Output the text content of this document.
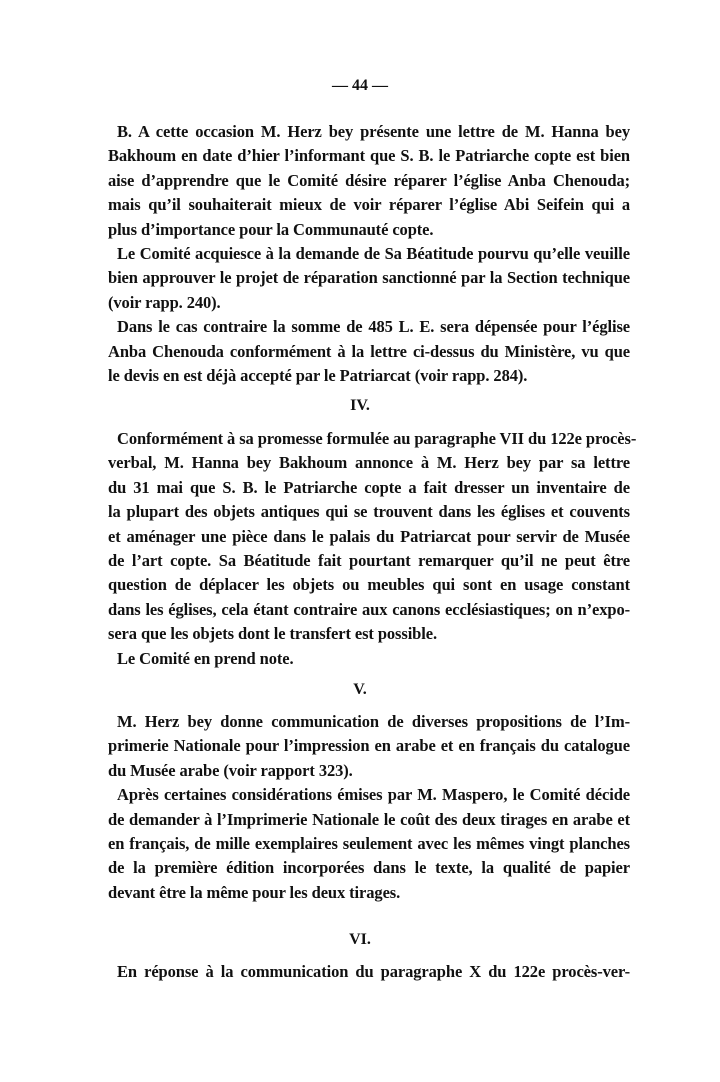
— 44 —
B. A cette occasion M. Herz bey présente une lettre de M. Hanna bey
Bakhoum en date d’hier l’informant que S. B. le Patriarche copte est bien
aise d’apprendre que le Comité désire réparer l’église Anba Chenouda;
mais qu’il souhaiterait mieux de voir réparer l’église Abi Seifein qui a
plus d’importance pour la Communauté copte.
Le Comité acquiesce à la demande de Sa Béatitude pourvu qu’elle veuille
bien approuver le projet de réparation sanctionné par la Section technique
(voir rapp. 240).
Dans le cas contraire la somme de 485 L. E. sera dépensée pour l’église
Anba Chenouda conformément à la lettre ci-dessus du Ministère, vu que
le devis en est déjà accepté par le Patriarcat (voir rapp. 284).
IV.
Conformément à sa promesse formulée au paragraphe VII du 122e procès-
verbal, M. Hanna bey Bakhoum annonce à M. Herz bey par sa lettre
du 31 mai que S. B. le Patriarche copte a fait dresser un inventaire de
la plupart des objets antiques qui se trouvent dans les églises et couvents
et aménager une pièce dans le palais du Patriarcat pour servir de Musée
de l’art copte. Sa Béatitude fait pourtant remarquer qu’il ne peut être
question de déplacer les objets ou meubles qui sont en usage constant
dans les églises, cela étant contraire aux canons ecclésiastiques; on n’expo-
sera que les objets dont le transfert est possible.
Le Comité en prend note.
V.
M. Herz bey donne communication de diverses propositions de l’Im-
primerie Nationale pour l’impression en arabe et en français du catalogue
du Musée arabe (voir rapport 323).
Après certaines considérations émises par M. Maspero, le Comité décide
de demander à l’Imprimerie Nationale le coût des deux tirages en arabe et
en français, de mille exemplaires seulement avec les mêmes vingt planches
de la première édition incorporées dans le texte, la qualité de papier
devant être la même pour les deux tirages.
VI.
En réponse à la communication du paragraphe X du 122e procès-ver-
